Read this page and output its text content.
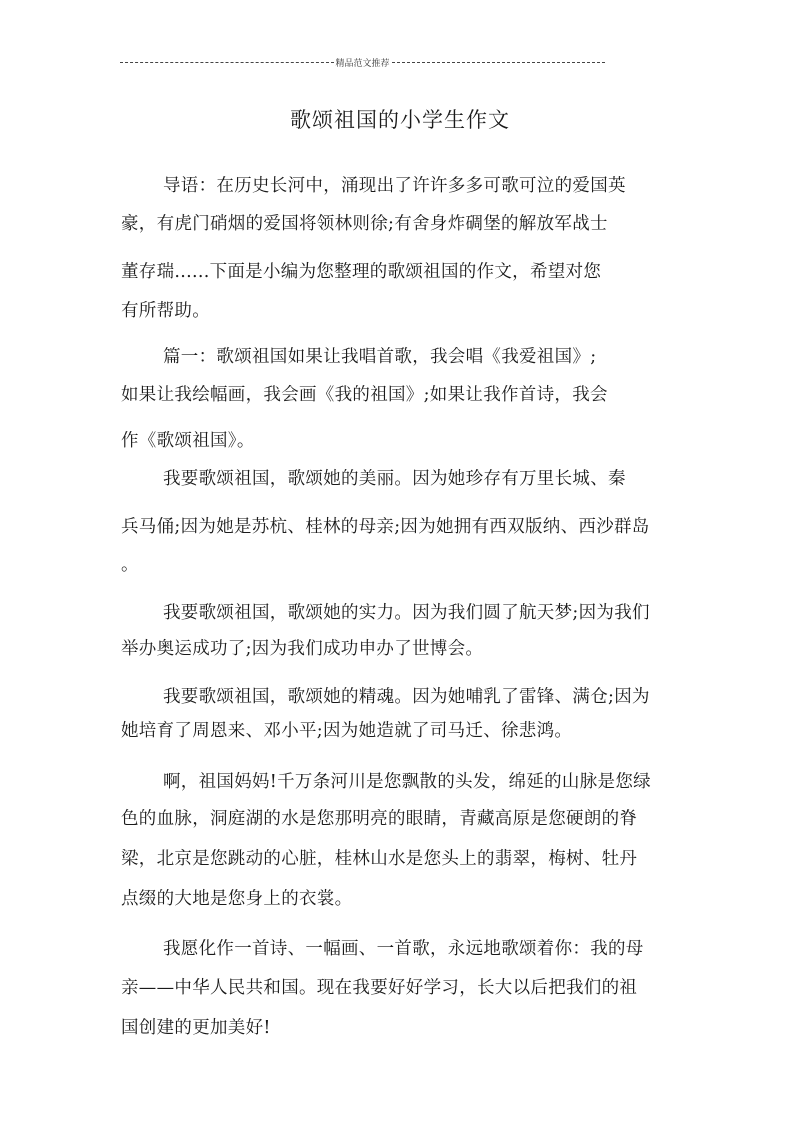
精品范文推荐
歌颂祖国的小学生作文
导语：在历史长河中，涌现出了许许多多可歌可泣的爱国英
豪，有虎门硝烟的爱国将领林则徐;有舍身炸碉堡的解放军战士
董存瑞......下面是小编为您整理的歌颂祖国的作文，希望对您
有所帮助。
篇一：歌颂祖国如果让我唱首歌，我会唱《我爱祖国》;
如果让我绘幅画，我会画《我的祖国》;如果让我作首诗，我会
作《歌颂祖国》。
我要歌颂祖国，歌颂她的美丽。因为她珍存有万里长城、秦
兵马俑;因为她是苏杭、桂林的母亲;因为她拥有西双版纳、西沙群岛
。
我要歌颂祖国，歌颂她的实力。因为我们圆了航天梦;因为我们
举办奥运成功了;因为我们成功申办了世博会。
我要歌颂祖国，歌颂她的精魂。因为她哺乳了雷锋、满仓;因为
她培育了周恩来、邓小平;因为她造就了司马迁、徐悲鸿。
啊，祖国妈妈!千万条河川是您飘散的头发，绵延的山脉是您绿
色的血脉，洞庭湖的水是您那明亮的眼睛，青藏高原是您硬朗的脊
梁，北京是您跳动的心脏，桂林山水是您头上的翡翠，梅树、牡丹
点缀的大地是您身上的衣裳。
我愿化作一首诗、一幅画、一首歌，永远地歌颂着你：我的母
亲——中华人民共和国。现在我要好好学习，长大以后把我们的祖
国创建的更加美好!
